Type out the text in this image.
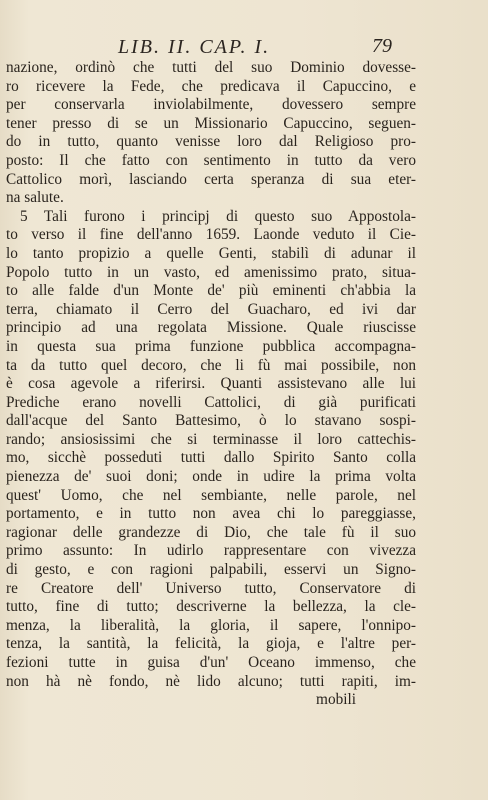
LIB. II. CAP. I.	79
nazione, ordinò che tutti del suo Dominio dovesse-
ro ricevere la Fede, che predicava il Capuccino, e
per conservarla inviolabilmente, dovessero sempre
tener presso di se un Missionario Capuccino, seguen-
do in tutto, quanto venisse loro dal Religioso pro-
posto: Il che fatto con sentimento in tutto da vero
Cattolico morì, lasciando certa speranza di sua eter-
na salute.
5 Tali furono i principj di questo suo Appostola-
to verso il fine dell'anno 1659. Laonde veduto il Cie-
lo tanto propizio a quelle Genti, stabilì di adunar il
Popolo tutto in un vasto, ed amenissimo prato, situa-
to alle falde d'un Monte de' più eminenti ch'abbia la
terra, chiamato il Cerro del Guacharo, ed ivi dar
principio ad una regolata Missione. Quale riuscisse
in questa sua prima funzione pubblica accompagna-
ta da tutto quel decoro, che li fù mai possibile, non
è cosa agevole a riferirsi. Quanti assistevano alle lui
Prediche erano novelli Cattolici, di già purificati
dall'acque del Santo Battesimo, ò lo stavano sospi-
rando; ansiosissimi che si terminasse il loro cattechis-
mo, sicchè posseduti tutti dallo Spirito Santo colla
pienezza de' suoi doni; onde in udire la prima volta
quest' Uomo, che nel sembiante, nelle parole, nel
portamento, e in tutto non avea chi lo pareggiasse,
ragionar delle grandezze di Dio, che tale fù il suo
primo assunto: In udirlo rappresentare con vivezza
di gesto, e con ragioni palpabili, esservi un Signo-
re Creatore dell' Universo tutto, Conservatore di
tutto, fine di tutto; descriverne la bellezza, la cle-
menza, la liberalità, la gloria, il sapere, l'onnipo-
tenza, la santità, la felicità, la gioja, e l'altre per-
fezioni tutte in guisa d'un' Oceano immenso, che
non hà nè fondo, nè lido alcuno; tutti rapiti, im-
mobili
